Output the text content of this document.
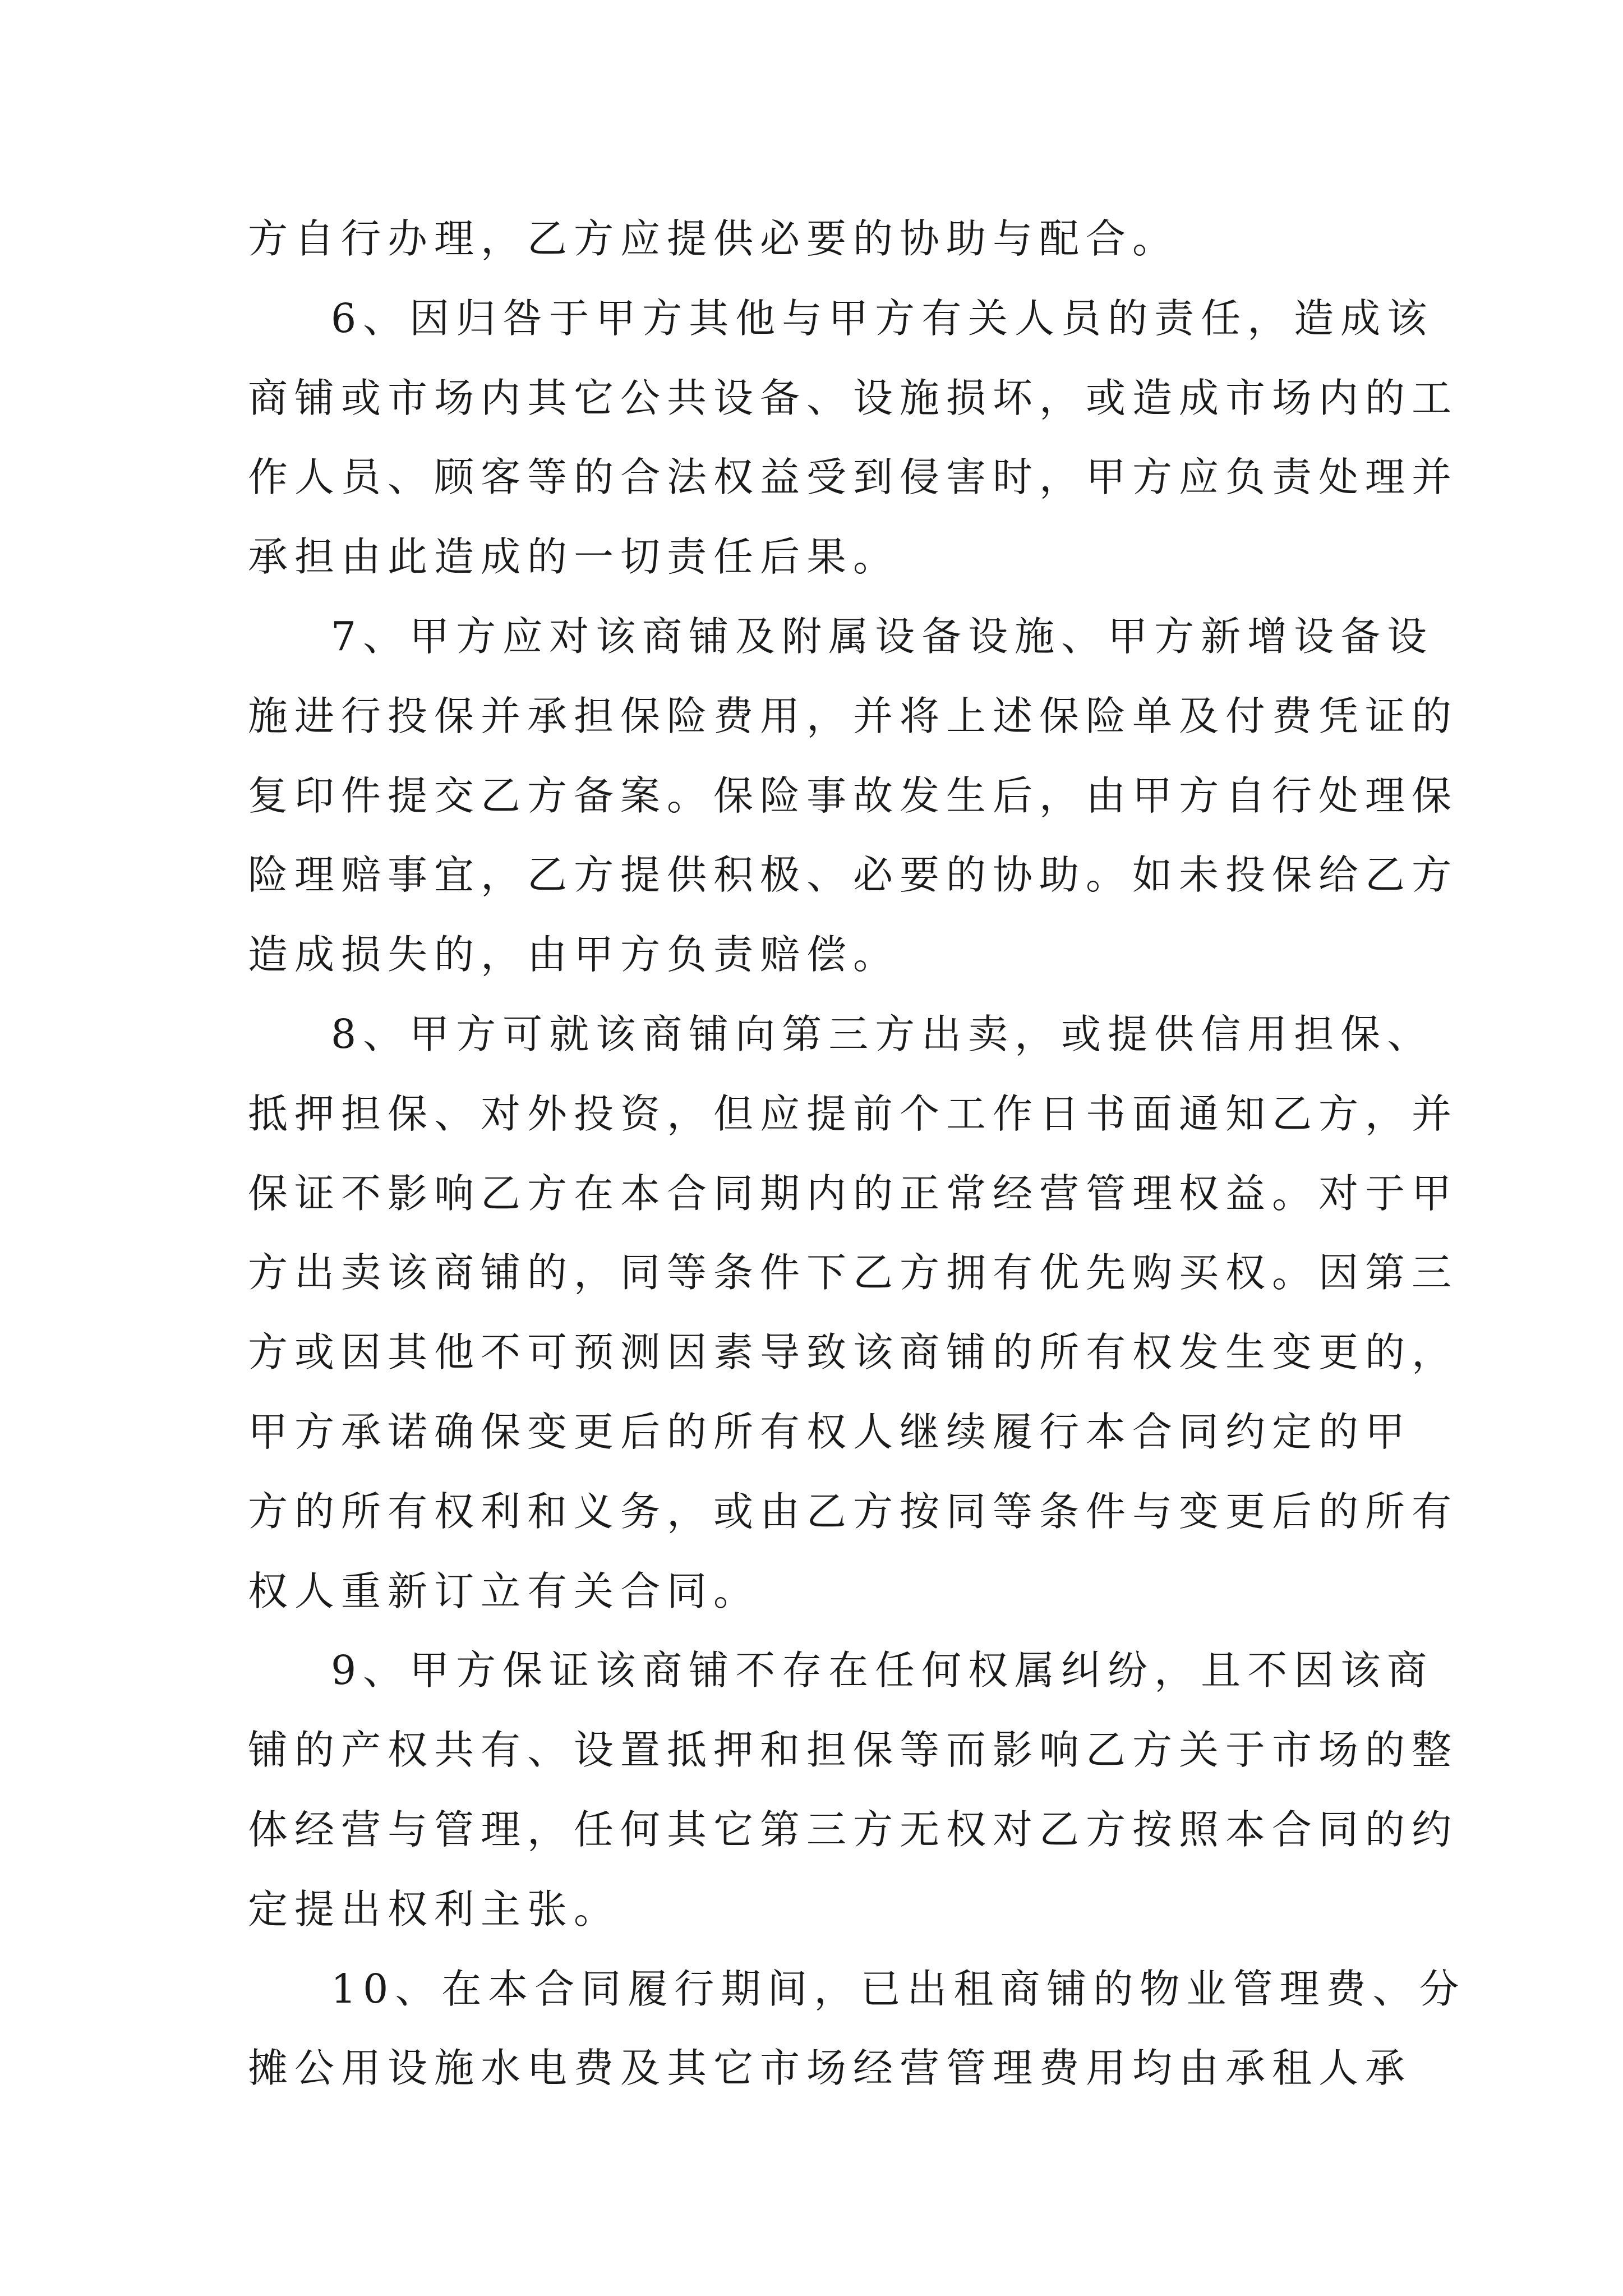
方自行办理，乙方应提供必要的协助与配合。
6、因归咎于甲方其他与甲方有关人员的责任，造成该
商铺或市场内其它公共设备、设施损坏，或造成市场内的工
作人员、顾客等的合法权益受到侵害时，甲方应负责处理并
承担由此造成的一切责任后果。
7、甲方应对该商铺及附属设备设施、甲方新增设备设
施进行投保并承担保险费用，并将上述保险单及付费凭证的
复印件提交乙方备案。保险事故发生后，由甲方自行处理保
险理赔事宜，乙方提供积极、必要的协助。如未投保给乙方
造成损失的，由甲方负责赔偿。
8、甲方可就该商铺向第三方出卖，或提供信用担保、
抵押担保、对外投资，但应提前个工作日书面通知乙方，并
保证不影响乙方在本合同期内的正常经营管理权益。对于甲
方出卖该商铺的，同等条件下乙方拥有优先购买权。因第三
方或因其他不可预测因素导致该商铺的所有权发生变更的，
甲方承诺确保变更后的所有权人继续履行本合同约定的甲
方的所有权利和义务，或由乙方按同等条件与变更后的所有
权人重新订立有关合同。
9、甲方保证该商铺不存在任何权属纠纷，且不因该商
铺的产权共有、设置抵押和担保等而影响乙方关于市场的整
体经营与管理，任何其它第三方无权对乙方按照本合同的约
定提出权利主张。
10、在本合同履行期间，已出租商铺的物业管理费、分
摊公用设施水电费及其它市场经营管理费用均由承租人承
